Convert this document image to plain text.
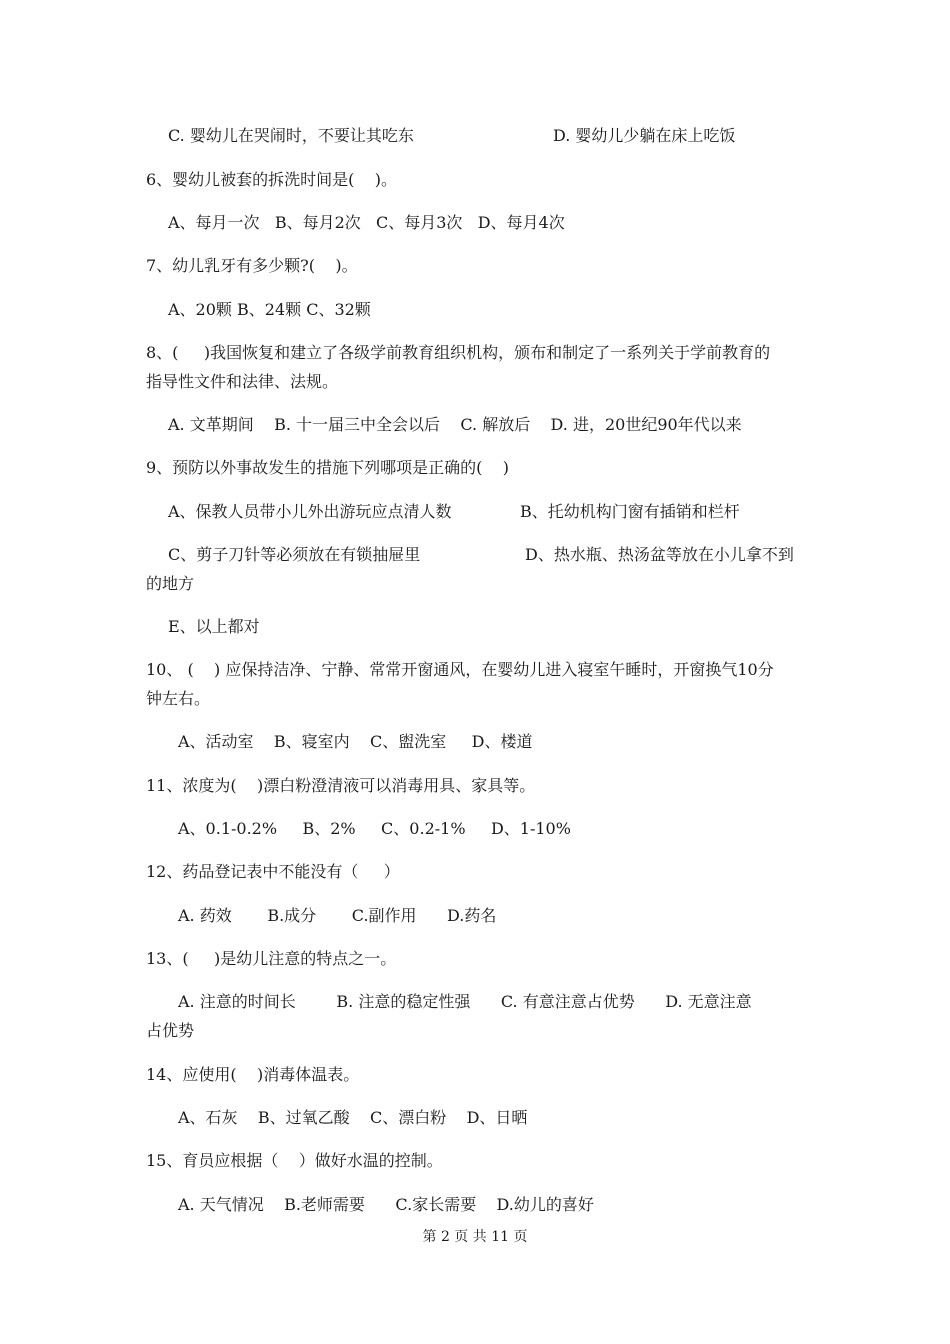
C. 婴幼儿在哭闹时，不要让其吃东	D. 婴幼儿少躺在床上吃饭
6、婴幼儿被套的拆洗时间是(    )。
A、每月一次   B、每月2次   C、每月3次   D、每月4次
7、幼儿乳牙有多少颗?(    )。
A、20颗 B、24颗 C、32颗
8、(     )我国恢复和建立了各级学前教育组织机构，颁布和制定了一系列关于学前教育的
指导性文件和法律、法规。
A. 文革期间    B. 十一届三中全会以后    C. 解放后    D. 进，20世纪90年代以来
9、预防以外事故发生的措施下列哪项是正确的(    )
A、保教人员带小儿外出游玩应点清人数	B、托幼机构门窗有插销和栏杆
C、剪子刀针等必须放在有锁抽屉里	D、热水瓶、热汤盆等放在小儿拿不到
的地方
E、以上都对
10、 (    ) 应保持洁净、宁静、常常开窗通风，在婴幼儿进入寝室午睡时，开窗换气10分
钟左右。
A、活动室    B、寝室内    C、盥洗室     D、楼道
11、浓度为(    )漂白粉澄清液可以消毒用具、家具等。
A、0.1-0.2%     B、2%     C、0.2-1%     D、1-10%
12、药品登记表中不能没有（     ）
A. 药效       B.成分       C.副作用      D.药名
13、(     )是幼儿注意的特点之一。
A. 注意的时间长        B. 注意的稳定性强      C. 有意注意占优势      D. 无意注意
占优势
14、应使用(    )消毒体温表。
A、石灰    B、过氧乙酸    C、漂白粉    D、日晒
15、育员应根据（    ）做好水温的控制。
A. 天气情况    B.老师需要      C.家长需要    D.幼儿的喜好
第 2 页 共 11 页
